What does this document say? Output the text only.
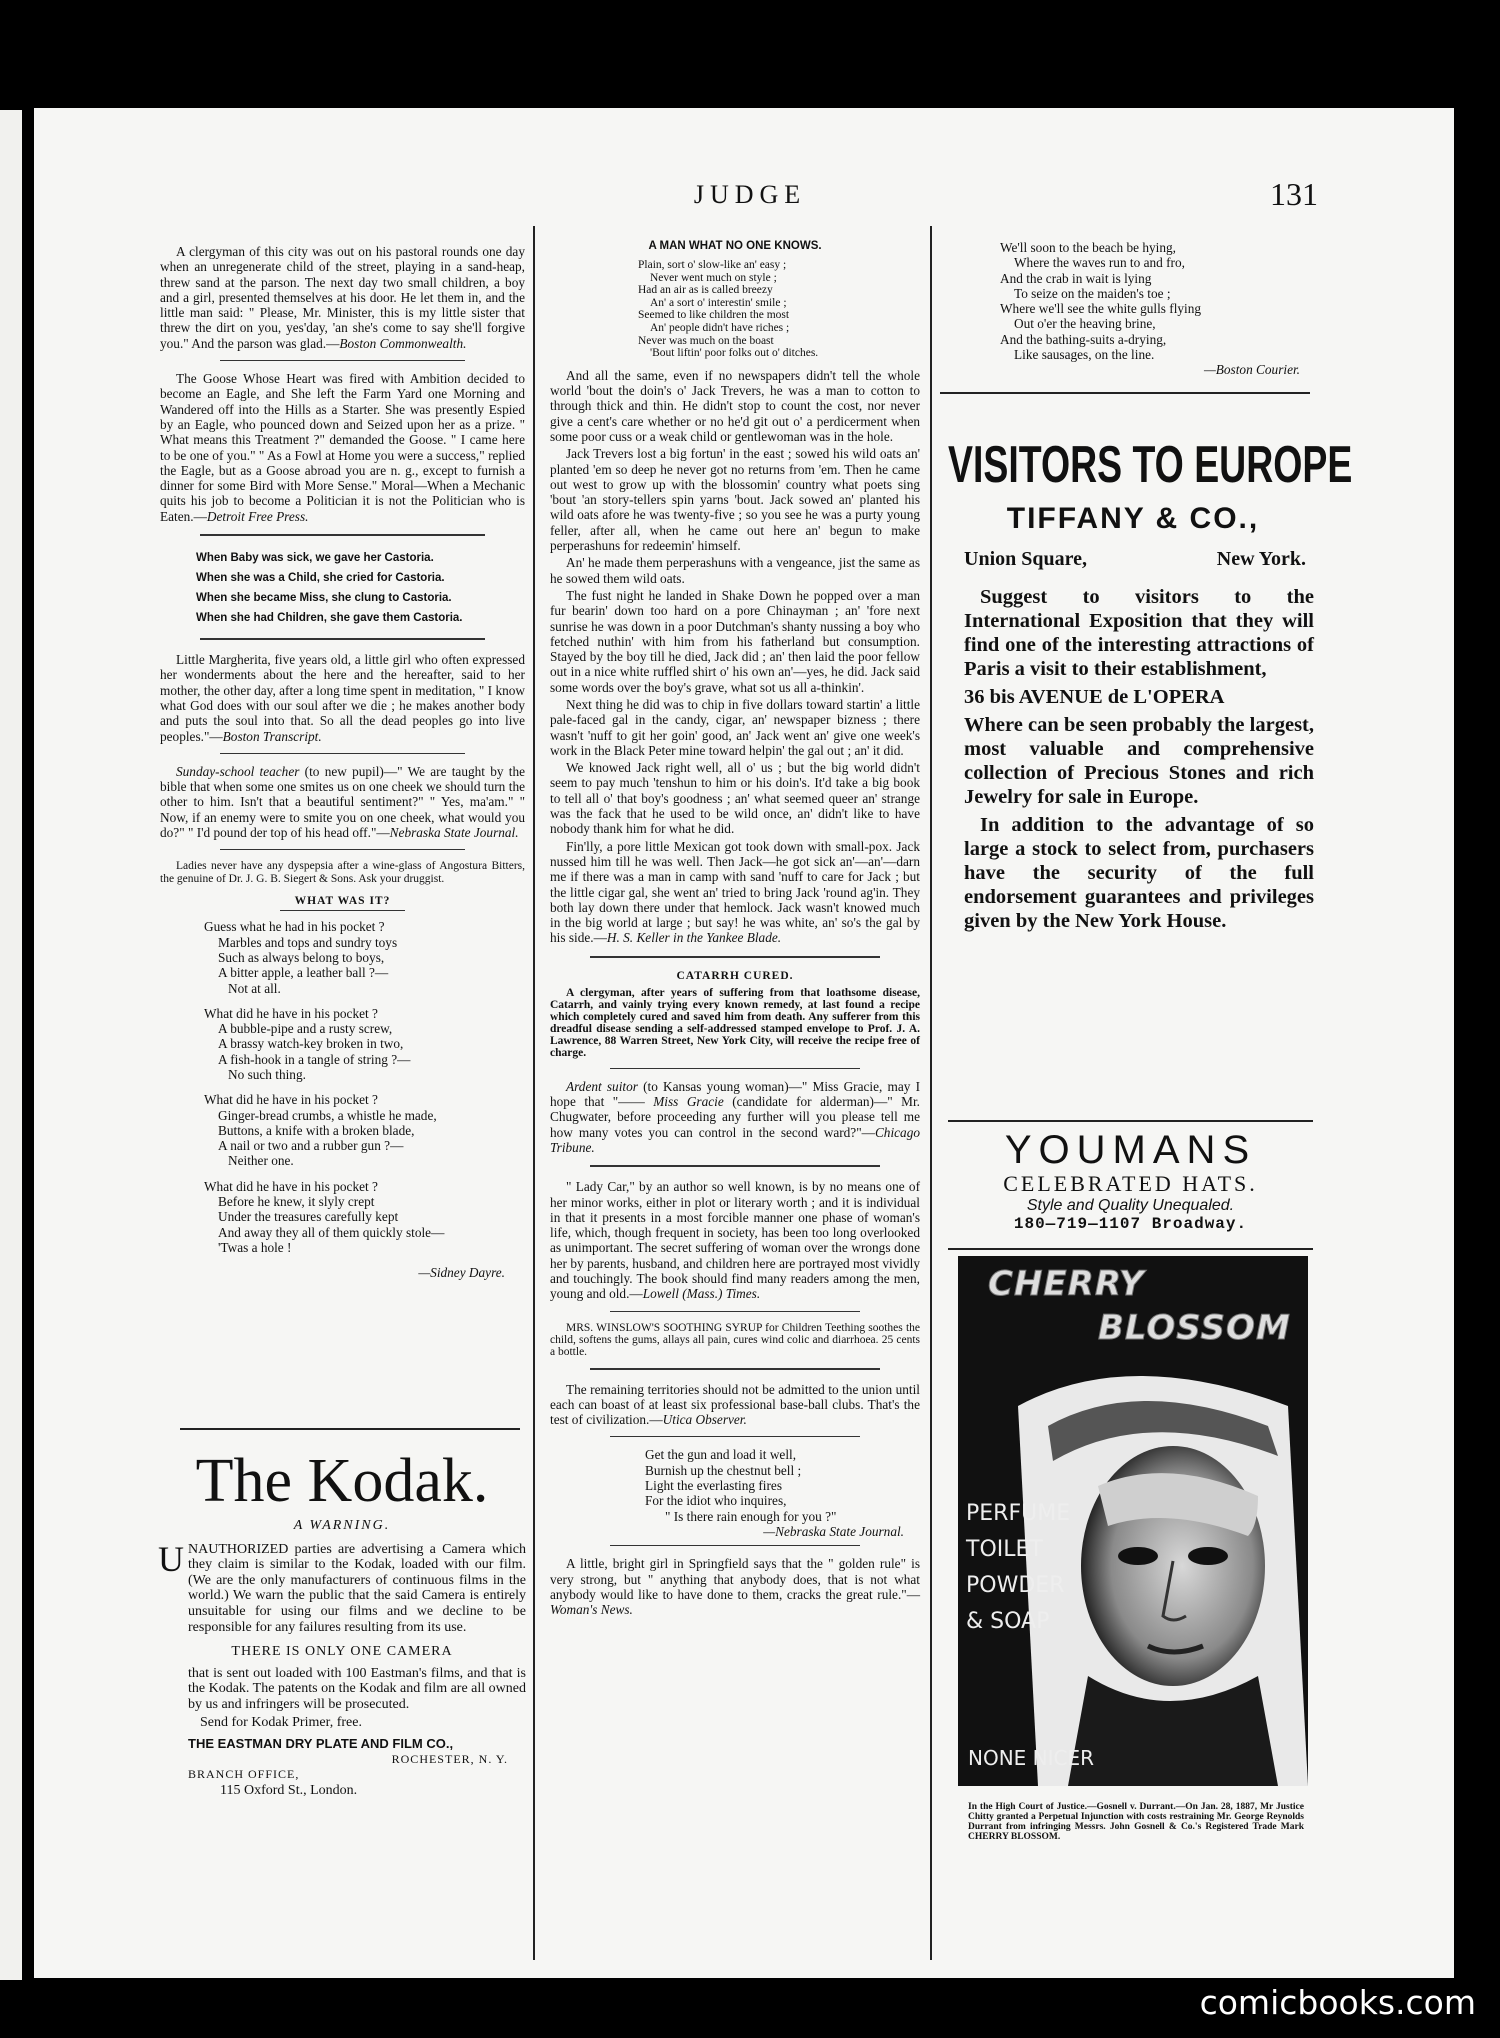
JUDGE	131

A clergyman of this city was out on his pastoral rounds one day when an unregenerate child of the street, playing in a sand-heap, threw sand at the parson. The next day two small children, a boy and a girl, presented themselves at his door. He let them in, and the little man said: " Please, Mr. Minister, this is my little sister that threw the dirt on you, yes'day, 'an she's come to say she'll forgive you." And the parson was glad.—Boston Commonwealth.

The Goose Whose Heart was fired with Ambition decided to become an Eagle, and She left the Farm Yard one Morning and Wandered off into the Hills as a Starter. She was presently Espied by an Eagle, who pounced down and Seized upon her as a prize. " What means this Treatment ?" demanded the Goose. " I came here to be one of you." " As a Fowl at Home you were a success," replied the Eagle, but as a Goose abroad you are n. g., except to furnish a dinner for some Bird with More Sense." Moral—When a Mechanic quits his job to become a Politician it is not the Politician who is Eaten.—Detroit Free Press.

When Baby was sick, we gave her Castoria.
When she was a Child, she cried for Castoria.
When she became Miss, she clung to Castoria.
When she had Children, she gave them Castoria.

Little Margherita, five years old, a little girl who often expressed her wonderments about the here and the hereafter, said to her mother, the other day, after a long time spent in meditation, " I know what God does with our soul after we die ; he makes another body and puts the soul into that. So all the dead peoples go into live peoples."—Boston Transcript.

Sunday-school teacher (to new pupil)—" We are taught by the bible that when some one smites us on one cheek we should turn the other to him. Isn't that a beautiful sentiment?" " Yes, ma'am." " Now, if an enemy were to smite you on one cheek, what would you do?" " I'd pound der top of his head off."—Nebraska State Journal.

Ladies never have any dyspepsia after a wine-glass of Angostura Bitters, the genuine of Dr. J. G. B. Siegert & Sons. Ask your druggist.

WHAT WAS IT?
Guess what he had in his pocket ?
Marbles and tops and sundry toys
Such as always belong to boys,
A bitter apple, a leather ball ?—
Not at all.
What did he have in his pocket ?
A bubble-pipe and a rusty screw,
A brassy watch-key broken in two,
A fish-hook in a tangle of string ?—
No such thing.
What did he have in his pocket ?
Ginger-bread crumbs, a whistle he made,
Buttons, a knife with a broken blade,
A nail or two and a rubber gun ?—
Neither one.
What did he have in his pocket ?
Before he knew, it slyly crept
Under the treasures carefully kept
And away they all of them quickly stole—
'Twas a hole !
—Sidney Dayre.
The Kodak.
A WARNING.

UNAUTHORIZED parties are advertising a Camera which they claim is similar to the Kodak, loaded with our film. (We are the only manufacturers of continuous films in the world.) We warn the public that the said Camera is entirely unsuitable for using our films and we decline to be responsible for any failures resulting from its use.

THERE IS ONLY ONE CAMERA

that is sent out loaded with 100 Eastman's films, and that is the Kodak. The patents on the Kodak and film are all owned by us and infringers will be prosecuted.

Send for Kodak Primer, free.
THE EASTMAN DRY PLATE AND FILM CO.,
ROCHESTER, N. Y.
BRANCH OFFICE,
115 Oxford St., London.
A MAN WHAT NO ONE KNOWS.
Plain, sort o' slow-like an' easy ;
Never went much on style ;
Had an air as is called breezy
An' a sort o' interestin' smile ;
Seemed to like children the most
An' people didn't have riches ;
Never was much on the boast
'Bout liftin' poor folks out o' ditches.

And all the same, even if no newspapers didn't tell the whole world 'bout the doin's o' Jack Trevers, he was a man to cotton to through thick and thin. He didn't stop to count the cost, nor never give a cent's care whether or no he'd git out o' a perdicerment when some poor cuss or a weak child or gentlewoman was in the hole.

Jack Trevers lost a big fortun' in the east ; sowed his wild oats an' planted 'em so deep he never got no returns from 'em. Then he came out west to grow up with the blossomin' country what poets sing 'bout 'an story-tellers spin yarns 'bout. Jack sowed an' planted his wild oats afore he was twenty-five ; so you see he was a purty young feller, after all, when he came out here an' begun to make perperashuns for redeemin' himself.

An' he made them perperashuns with a vengeance, jist the same as he sowed them wild oats.

The fust night he landed in Shake Down he popped over a man fur bearin' down too hard on a pore Chinayman ; an' 'fore next sunrise he was down in a poor Dutchman's shanty nussing a boy who fetched nuthin' with him from his fatherland but consumption. Stayed by the boy till he died, Jack did ; an' then laid the poor fellow out in a nice white ruffled shirt o' his own an'—yes, he did. Jack said some words over the boy's grave, what sot us all a-thinkin'.

Next thing he did was to chip in five dollars toward startin' a little pale-faced gal in the candy, cigar, an' newspaper bizness ; there wasn't 'nuff to git her goin' good, an' Jack went an' give one week's work in the Black Peter mine toward helpin' the gal out ; an' it did.

We knowed Jack right well, all o' us ; but the big world didn't seem to pay much 'tenshun to him or his doin's. It'd take a big book to tell all o' that boy's goodness ; an' what seemed queer an' strange was the fack that he used to be wild once, an' didn't like to have nobody thank him for what he did.

Fin'lly, a pore little Mexican got took down with small-pox. Jack nussed him till he was well. Then Jack—he got sick an'—an'—darn me if there was a man in camp with sand 'nuff to care for Jack ; but the little cigar gal, she went an' tried to bring Jack 'round ag'in. They both lay down there under that hemlock. Jack wasn't knowed much in the big world at large ; but say! he was white, an' so's the gal by his side.—H. S. Keller in the Yankee Blade.

CATARRH CURED.

A clergyman, after years of suffering from that loathsome disease, Catarrh, and vainly trying every known remedy, at last found a recipe which completely cured and saved him from death. Any sufferer from this dreadful disease sending a self-addressed stamped envelope to Prof. J. A. Lawrence, 88 Warren Street, New York City, will receive the recipe free of charge.

Ardent suitor (to Kansas young woman)—" Miss Gracie, may I hope that "—— Miss Gracie (candidate for alderman)—" Mr. Chugwater, before proceeding any further will you please tell me how many votes you can control in the second ward?"—Chicago Tribune.

" Lady Car," by an author so well known, is by no means one of her minor works, either in plot or literary worth ; and it is individual in that it presents in a most forcible manner one phase of woman's life, which, though frequent in society, has been too long overlooked as unimportant. The secret suffering of woman over the wrongs done her by parents, husband, and children here are portrayed most vividly and touchingly. The book should find many readers among the men, young and old.—Lowell (Mass.) Times.

MRS. WINSLOW'S SOOTHING SYRUP for Children Teething soothes the child, softens the gums, allays all pain, cures wind colic and diarrhoea. 25 cents a bottle.

The remaining territories should not be admitted to the union until each can boast of at least six professional base-ball clubs. That's the test of civilization.—Utica Observer.

Get the gun and load it well,
Burnish up the chestnut bell ;
Light the everlasting fires
For the idiot who inquires,
" Is there rain enough for you ?"
—Nebraska State Journal.

A little, bright girl in Springfield says that the " golden rule" is very strong, but " anything that anybody does, that is not what anybody would like to have done to them, cracks the great rule."—Woman's News.

We'll soon to the beach be hying,
Where the waves run to and fro,
And the crab in wait is lying
To seize on the maiden's toe ;
Where we'll see the white gulls flying
Out o'er the heaving brine,
And the bathing-suits a-drying,
Like sausages, on the line.
—Boston Courier.
VISITORS TO EUROPE
TIFFANY & CO.,
Union Square,	New York.

Suggest to visitors to the International Exposition that they will find one of the interesting attractions of Paris a visit to their establishment,

36 bis AVENUE de L'OPERA

Where can be seen probably the largest, most valuable and comprehensive collection of Precious Stones and rich Jewelry for sale in Europe.

In addition to the advantage of so large a stock to select from, purchasers have the security of the full endorsement guarantees and privileges given by the New York House.

YOUMANS
CELEBRATED HATS.
Style and Quality Unequaled.
180—719—1107 Broadway.
CHERRY
BLOSSOM
PERFUME
TOILET
POWDER
& SOAP
NONE NICER
In the High Court of Justice.—Gosnell v. Durrant.—On Jan. 28, 1887, Mr Justice Chitty granted a Perpetual Injunction with costs restraining Mr. George Reynolds Durrant from infringing Messrs. John Gosnell & Co.'s Registered Trade Mark CHERRY BLOSSOM.
comicbooks.com
